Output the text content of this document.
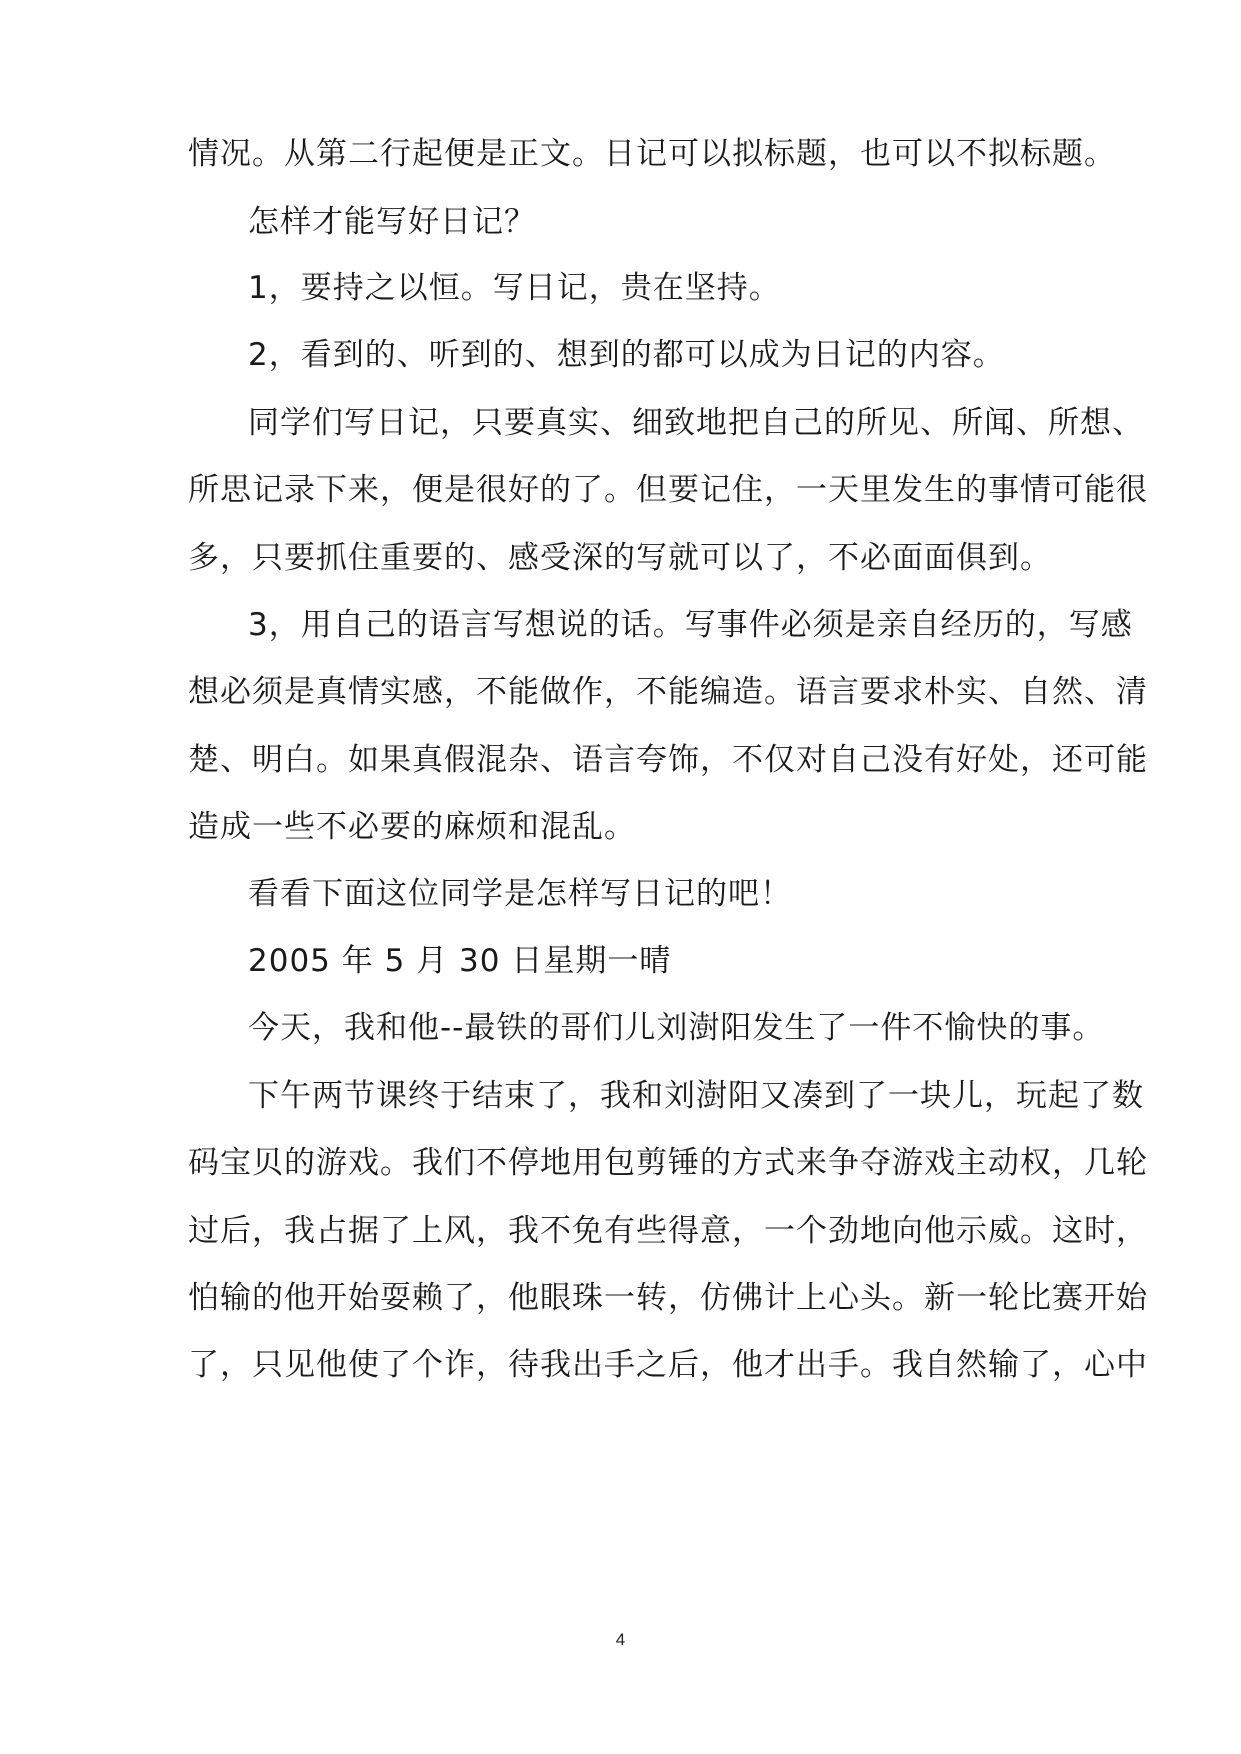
情况。从第二行起便是正文。日记可以拟标题，也可以不拟标题。
怎样才能写好日记？
1，要持之以恒。写日记，贵在坚持。
2，看到的、听到的、想到的都可以成为日记的内容。
同学们写日记，只要真实、细致地把自己的所见、所闻、所想、
所思记录下来，便是很好的了。但要记住，一天里发生的事情可能很
多，只要抓住重要的、感受深的写就可以了，不必面面俱到。
3，用自己的语言写想说的话。写事件必须是亲自经历的，写感
想必须是真情实感，不能做作，不能编造。语言要求朴实、自然、清
楚、明白。如果真假混杂、语言夸饰，不仅对自己没有好处，还可能
造成一些不必要的麻烦和混乱。
看看下面这位同学是怎样写日记的吧！
2005 年 5 月 30 日星期一晴
今天，我和他--最铁的哥们儿刘澍阳发生了一件不愉快的事。
下午两节课终于结束了，我和刘澍阳又凑到了一块儿，玩起了数
码宝贝的游戏。我们不停地用包剪锤的方式来争夺游戏主动权，几轮
过后，我占据了上风，我不免有些得意，一个劲地向他示威。这时，
怕输的他开始耍赖了，他眼珠一转，仿佛计上心头。新一轮比赛开始
了，只见他使了个诈，待我出手之后，他才出手。我自然输了，心中
4
